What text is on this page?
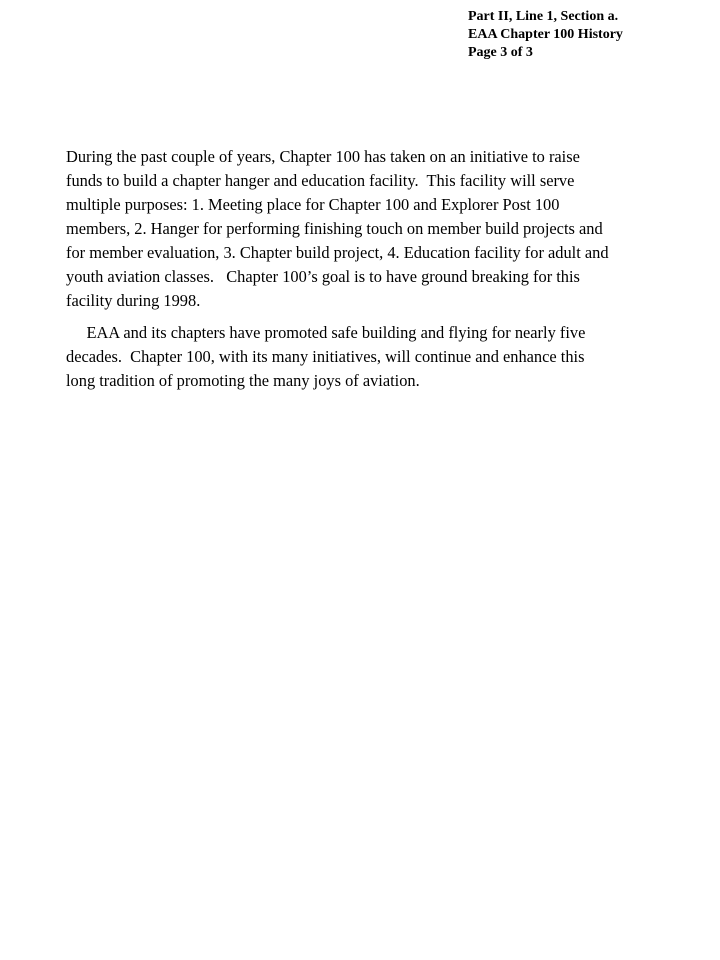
Part II, Line 1, Section a.
EAA Chapter 100 History
Page 3 of 3

During the past couple of years, Chapter 100 has taken on an initiative to raise
funds to build a chapter hanger and education facility.  This facility will serve
multiple purposes: 1. Meeting place for Chapter 100 and Explorer Post 100
members, 2. Hanger for performing finishing touch on member build projects and
for member evaluation, 3. Chapter build project, 4. Education facility for adult and
youth aviation classes.   Chapter 100’s goal is to have ground breaking for this
facility during 1998.

EAA and its chapters have promoted safe building and flying for nearly five
decades.  Chapter 100, with its many initiatives, will continue and enhance this
long tradition of promoting the many joys of aviation.
